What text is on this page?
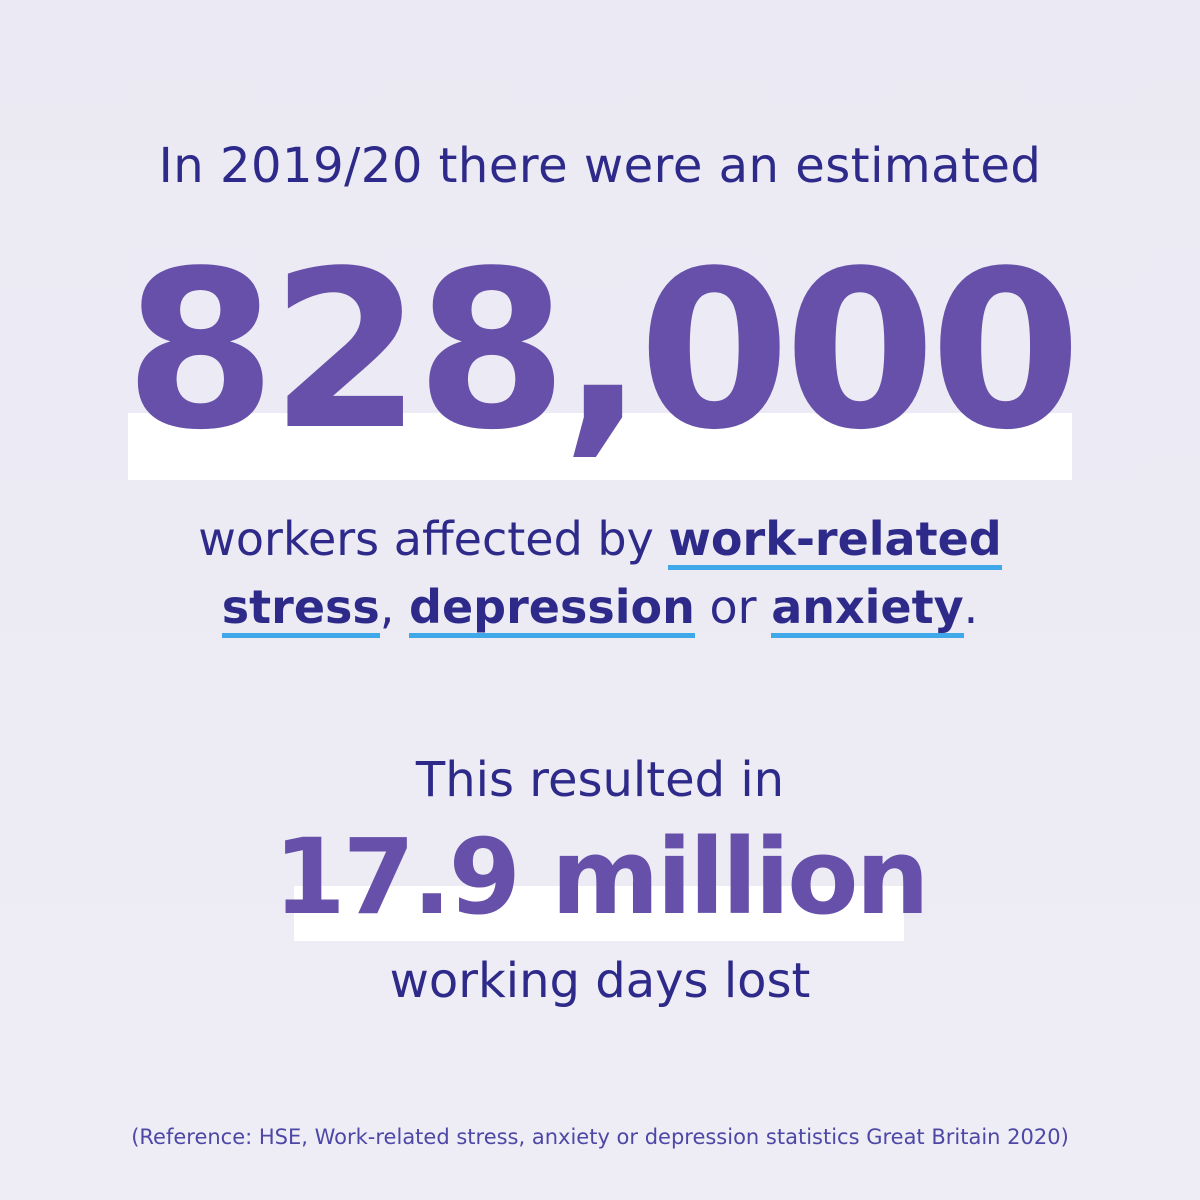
In 2019/20 there were an estimated
828,000
workers affected by work-related
stress, depression or anxiety.
This resulted in
17.9 million
working days lost
(Reference: HSE, Work-related stress, anxiety or depression statistics Great Britain 2020)
